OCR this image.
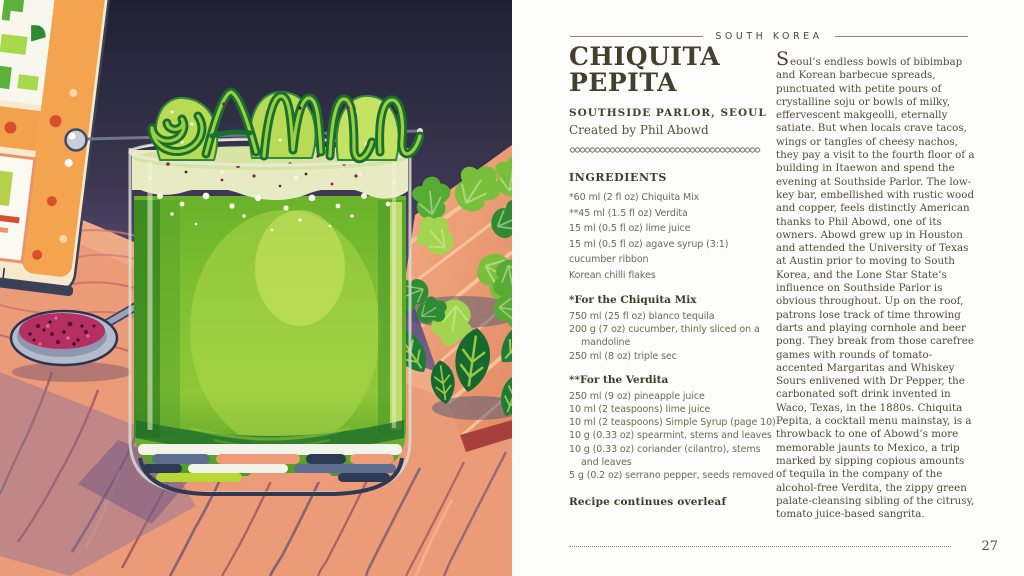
SOUTH KOREA
CHIQUITA PEPITA
SOUTHSIDE PARLOR, SEOUL
Created by Phil Abowd
INGREDIENTS
*60 ml (2 fl oz) Chiquita Mix
**45 ml (1.5 fl oz) Verdita
15 ml (0.5 fl oz) lime juice
15 ml (0.5 fl oz) agave syrup (3:1)
cucumber ribbon
Korean chilli flakes
*For the Chiquita Mix
750 ml (25 fl oz) blanco tequila
200 g (7 oz) cucumber, thinly sliced on a mandoline
250 ml (8 oz) triple sec
**For the Verdita
250 ml (9 oz) pineapple juice
10 ml (2 teaspoons) lime juice
10 ml (2 teaspoons) Simple Syrup (page 10)
10 g (0.33 oz) spearmint, stems and leaves
10 g (0.33 oz) coriander (cilantro), stems and leaves
5 g (0.2 oz) serrano pepper, seeds removed
Recipe continues overleaf
Seoul’s endless bowls of bibimbap and Korean barbecue spreads, punctuated with petite pours of crystalline soju or bowls of milky, effervescent makgeolli, eternally satiate. But when locals crave tacos, wings or tangles of cheesy nachos, they pay a visit to the fourth floor of a building in Itaewon and spend the evening at Southside Parlor. The low-key bar, embellished with rustic wood and copper, feels distinctly American thanks to Phil Abowd, one of its owners. Abowd grew up in Houston and attended the University of Texas at Austin prior to moving to South Korea, and the Lone Star State’s influence on Southside Parlor is obvious throughout. Up on the roof, patrons lose track of time throwing darts and playing cornhole and beer pong. They break from those carefree games with rounds of tomato-accented Margaritas and Whiskey Sours enlivened with Dr Pepper, the carbonated soft drink invented in Waco, Texas, in the 1880s. Chiquita Pepita, a cocktail menu mainstay, is a throwback to one of Abowd’s more memorable jaunts to Mexico, a trip marked by sipping copious amounts of tequila in the company of the alcohol-free Verdita, the zippy green palate-cleansing sibling of the citrusy, tomato juice-based sangrita.
27
